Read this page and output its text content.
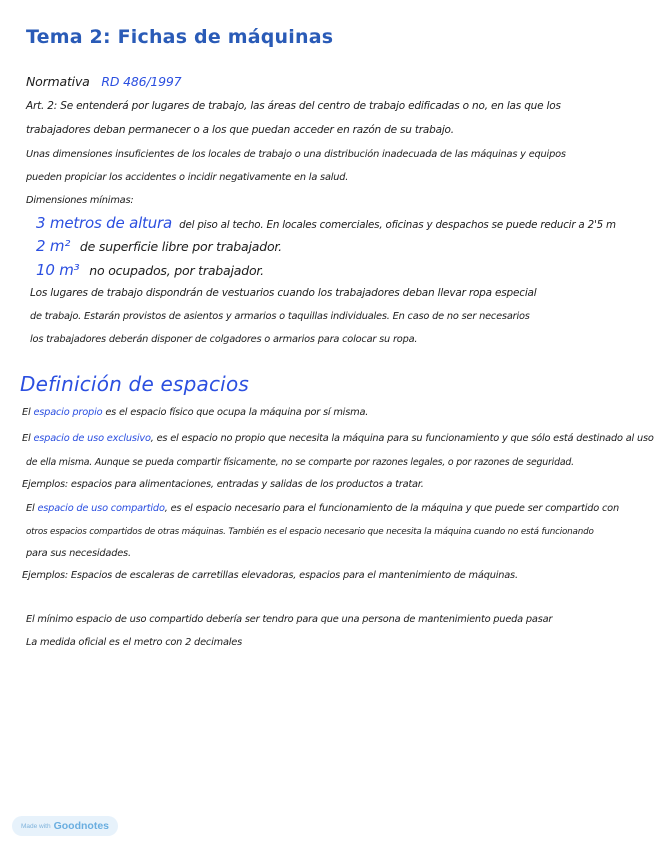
Tema 2: Fichas de máquinas
Normativa RD 486/1997
Art. 2: Se entenderá por lugares de trabajo, las áreas del centro de trabajo edificadas o no, en las que los
trabajadores deban permanecer o a los que puedan acceder en razón de su trabajo.
Unas dimensiones insuficientes de los locales de trabajo o una distribución inadecuada de las máquinas y equipos
pueden propiciar los accidentes o incidir negativamente en la salud.
Dimensiones mínimas:
3 metros de altura del piso al techo. En locales comerciales, oficinas y despachos se puede reducir a 2'5 m
2 m² de superficie libre por trabajador.
10 m³ no ocupados, por trabajador.
Los lugares de trabajo dispondrán de vestuarios cuando los trabajadores deban llevar ropa especial
de trabajo. Estarán provistos de asientos y armarios o taquillas individuales. En caso de no ser necesarios
los trabajadores deberán disponer de colgadores o armarios para colocar su ropa.
Definición de espacios
El espacio propio es el espacio físico que ocupa la máquina por sí misma.
El espacio de uso exclusivo, es el espacio no propio que necesita la máquina para su funcionamiento y que sólo está destinado al uso
de ella misma. Aunque se pueda compartir físicamente, no se comparte por razones legales, o por razones de seguridad.
Ejemplos: espacios para alimentaciones, entradas y salidas de los productos a tratar.
El espacio de uso compartido, es el espacio necesario para el funcionamiento de la máquina y que puede ser compartido con
otros espacios compartidos de otras máquinas. También es el espacio necesario que necesita la máquina cuando no está funcionando
para sus necesidades.
Ejemplos: Espacios de escaleras de carretillas elevadoras, espacios para el mantenimiento de máquinas.
El mínimo espacio de uso compartido debería ser tendro para que una persona de mantenimiento pueda pasar
La medida oficial es el metro con 2 decimales
Made with Goodnotes
